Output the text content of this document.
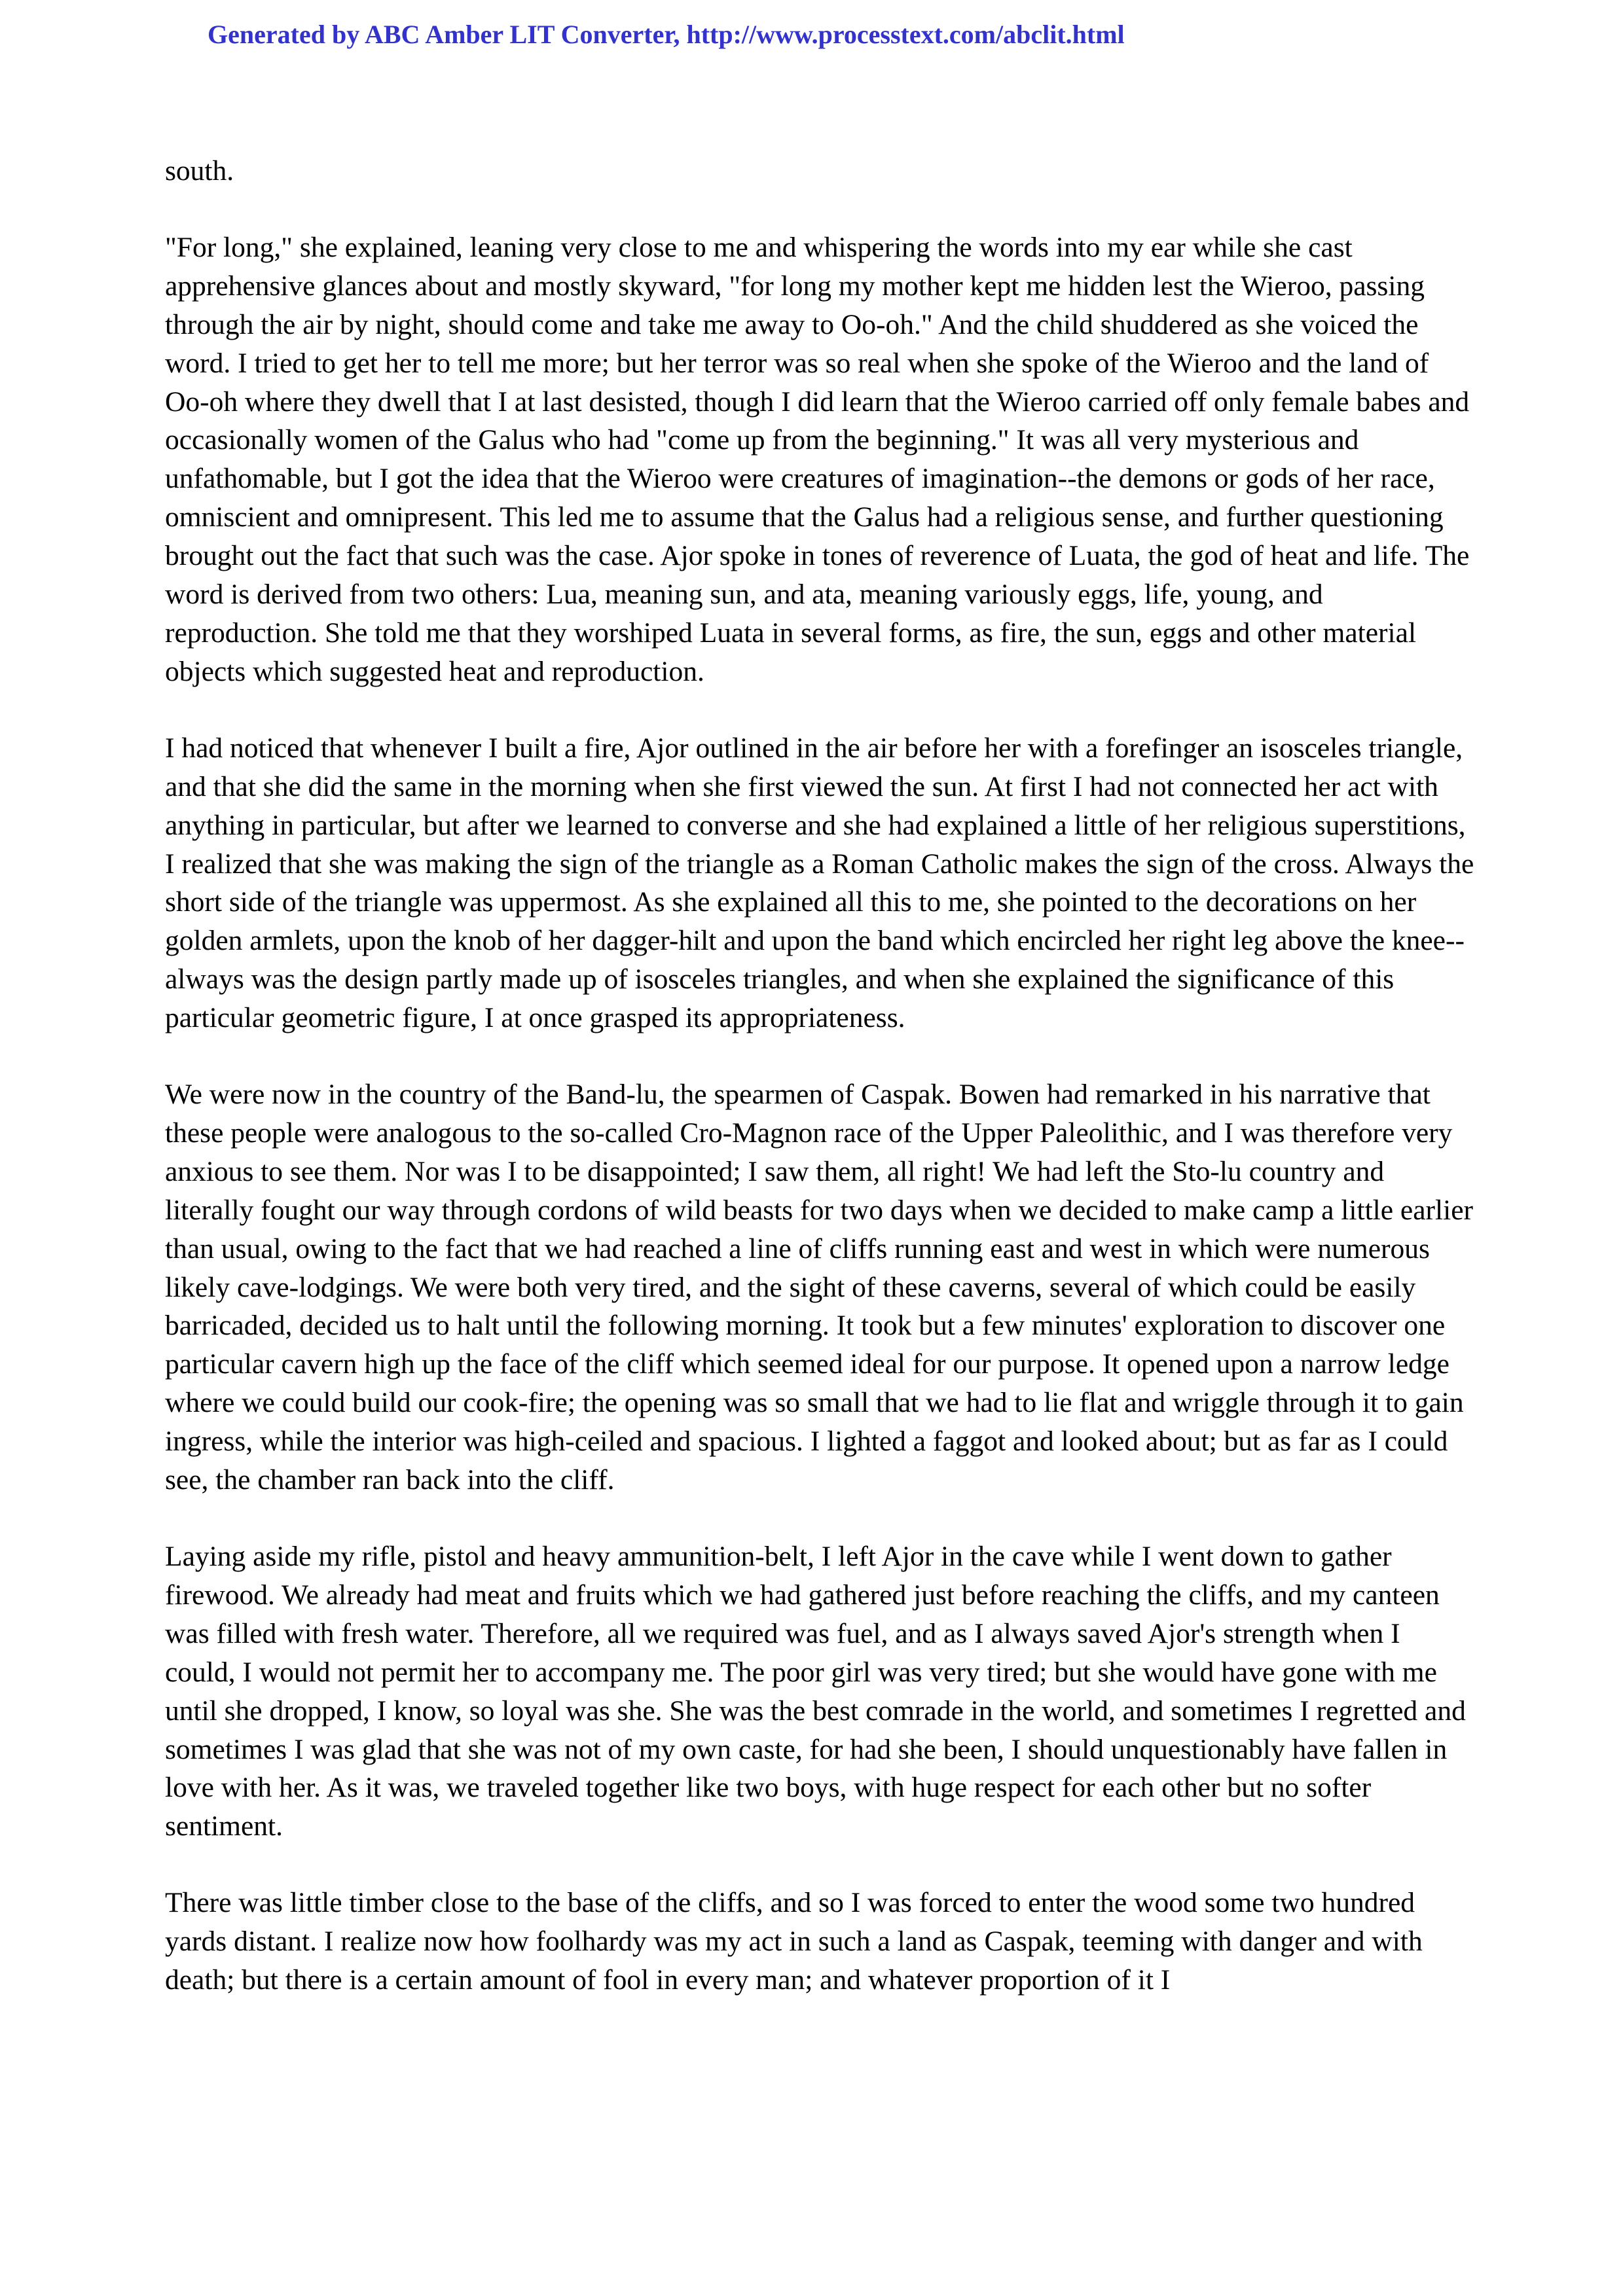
Generated by ABC Amber LIT Converter, http://www.processtext.com/abclit.html

south.

"For long," she explained, leaning very close to me and whispering the words into my ear while she cast apprehensive glances about and mostly skyward, "for long my mother kept me hidden lest the Wieroo, passing through the air by night, should come and take me away to Oo-oh." And the child shuddered as she voiced the word. I tried to get her to tell me more; but her terror was so real when she spoke of the Wieroo and the land of Oo-oh where they dwell that I at last desisted, though I did learn that the Wieroo carried off only female babes and occasionally women of the Galus who had "come up from the beginning." It was all very mysterious and unfathomable, but I got the idea that the Wieroo were creatures of imagination--the demons or gods of her race, omniscient and omnipresent. This led me to assume that the Galus had a religious sense, and further questioning brought out the fact that such was the case. Ajor spoke in tones of reverence of Luata, the god of heat and life. The word is derived from two others: Lua, meaning sun, and ata, meaning variously eggs, life, young, and reproduction. She told me that they worshiped Luata in several forms, as fire, the sun, eggs and other material objects which suggested heat and reproduction.

I had noticed that whenever I built a fire, Ajor outlined in the air before her with a forefinger an isosceles triangle, and that she did the same in the morning when she first viewed the sun. At first I had not connected her act with anything in particular, but after we learned to converse and she had explained a little of her religious superstitions, I realized that she was making the sign of the triangle as a Roman Catholic makes the sign of the cross. Always the short side of the triangle was uppermost. As she explained all this to me, she pointed to the decorations on her golden armlets, upon the knob of her dagger-hilt and upon the band which encircled her right leg above the knee--always was the design partly made up of isosceles triangles, and when she explained the significance of this particular geometric figure, I at once grasped its appropriateness.

We were now in the country of the Band-lu, the spearmen of Caspak. Bowen had remarked in his narrative that these people were analogous to the so-called Cro-Magnon race of the Upper Paleolithic, and I was therefore very anxious to see them. Nor was I to be disappointed; I saw them, all right! We had left the Sto-lu country and literally fought our way through cordons of wild beasts for two days when we decided to make camp a little earlier than usual, owing to the fact that we had reached a line of cliffs running east and west in which were numerous likely cave-lodgings. We were both very tired, and the sight of these caverns, several of which could be easily barricaded, decided us to halt until the following morning. It took but a few minutes' exploration to discover one particular cavern high up the face of the cliff which seemed ideal for our purpose. It opened upon a narrow ledge where we could build our cook-fire; the opening was so small that we had to lie flat and wriggle through it to gain ingress, while the interior was high-ceiled and spacious. I lighted a faggot and looked about; but as far as I could see, the chamber ran back into the cliff.

Laying aside my rifle, pistol and heavy ammunition-belt, I left Ajor in the cave while I went down to gather firewood. We already had meat and fruits which we had gathered just before reaching the cliffs, and my canteen was filled with fresh water. Therefore, all we required was fuel, and as I always saved Ajor's strength when I could, I would not permit her to accompany me. The poor girl was very tired; but she would have gone with me until she dropped, I know, so loyal was she. She was the best comrade in the world, and sometimes I regretted and sometimes I was glad that she was not of my own caste, for had she been, I should unquestionably have fallen in love with her. As it was, we traveled together like two boys, with huge respect for each other but no softer sentiment.

There was little timber close to the base of the cliffs, and so I was forced to enter the wood some two hundred yards distant. I realize now how foolhardy was my act in such a land as Caspak, teeming with danger and with death; but there is a certain amount of fool in every man; and whatever proportion of it I
